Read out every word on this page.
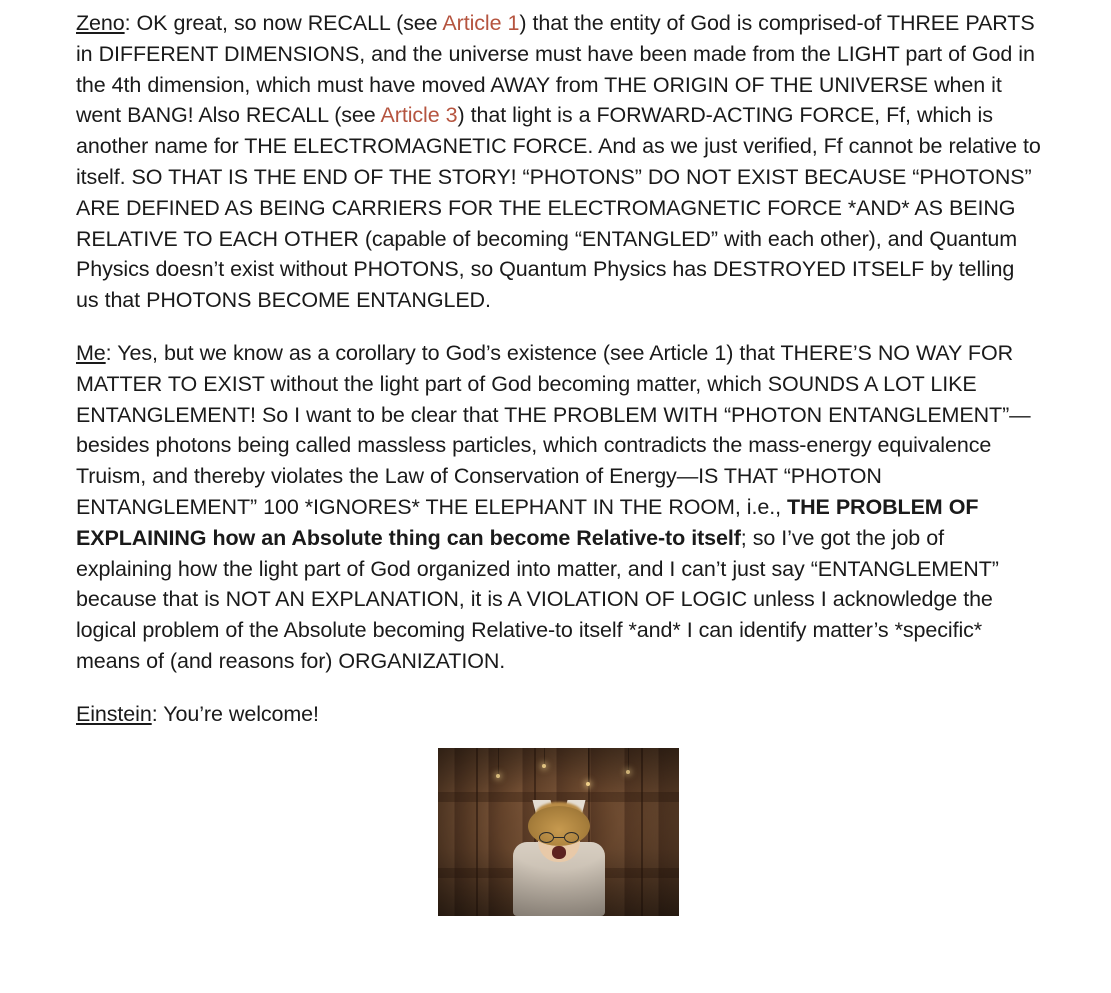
Zeno: OK great, so now RECALL (see Article 1) that the entity of God is comprised-of THREE PARTS in DIFFERENT DIMENSIONS, and the universe must have been made from the LIGHT part of God in the 4th dimension, which must have moved AWAY from THE ORIGIN OF THE UNIVERSE when it went BANG! Also RECALL (see Article 3) that light is a FORWARD-ACTING FORCE, Ff, which is another name for THE ELECTROMAGNETIC FORCE. And as we just verified, Ff cannot be relative to itself. SO THAT IS THE END OF THE STORY! “PHOTONS” DO NOT EXIST BECAUSE “PHOTONS” ARE DEFINED AS BEING CARRIERS FOR THE ELECTROMAGNETIC FORCE *AND* AS BEING RELATIVE TO EACH OTHER (capable of becoming “ENTANGLED” with each other), and Quantum Physics doesn’t exist without PHOTONS, so Quantum Physics has DESTROYED ITSELF by telling us that PHOTONS BECOME ENTANGLED.

Me: Yes, but we know as a corollary to God’s existence (see Article 1) that THERE’S NO WAY FOR MATTER TO EXIST without the light part of God becoming matter, which SOUNDS A LOT LIKE ENTANGLEMENT! So I want to be clear that THE PROBLEM WITH “PHOTON ENTANGLEMENT”—besides photons being called massless particles, which contradicts the mass-energy equivalence Truism, and thereby violates the Law of Conservation of Energy—IS THAT “PHOTON ENTANGLEMENT” 100 *IGNORES* THE ELEPHANT IN THE ROOM, i.e., THE PROBLEM OF EXPLAINING how an Absolute thing can become Relative-to itself; so I’ve got the job of explaining how the light part of God organized into matter, and I can’t just say “ENTANGLEMENT” because that is NOT AN EXPLANATION, it is A VIOLATION OF LOGIC unless I acknowledge the logical problem of the Absolute becoming Relative-to itself *and* I can identify matter’s *specific* means of (and reasons for) ORGANIZATION.

Einstein: You’re welcome!
